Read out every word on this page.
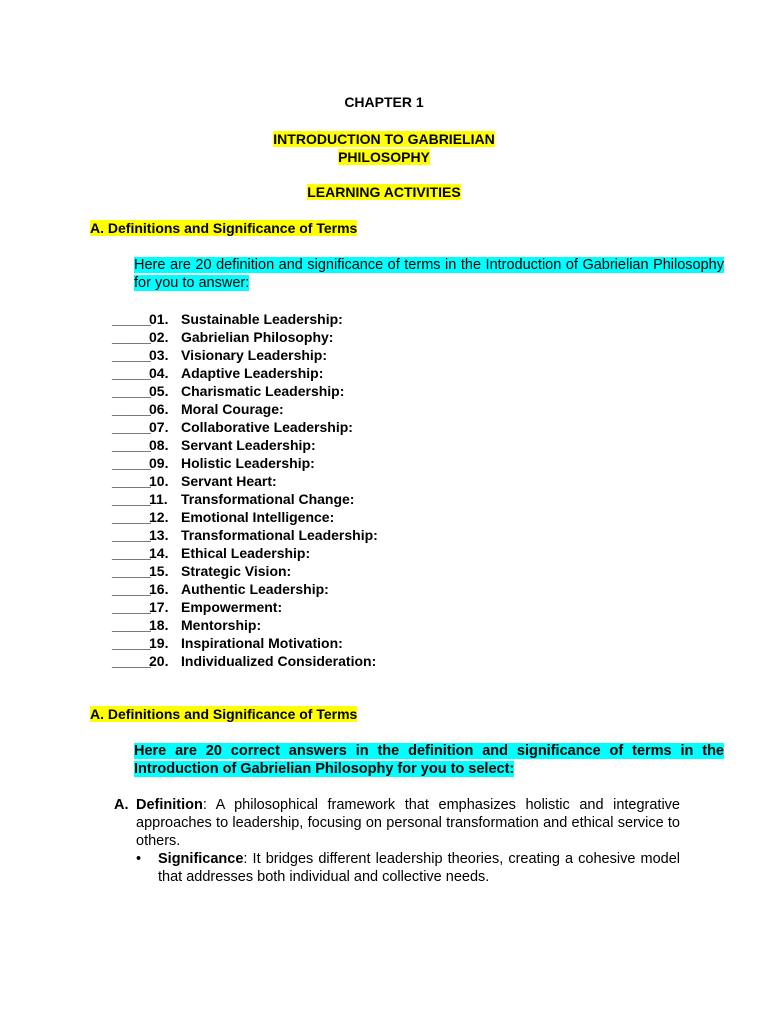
CHAPTER 1
INTRODUCTION TO GABRIELIAN
PHILOSOPHY
LEARNING ACTIVITIES
A. Definitions and Significance of Terms
Here are 20 definition and significance of terms in the Introduction of Gabrielian Philosophy for you to answer:
_____01. Sustainable Leadership:
_____02. Gabrielian Philosophy:
_____03. Visionary Leadership:
_____04. Adaptive Leadership:
_____05. Charismatic Leadership:
_____06. Moral Courage:
_____07. Collaborative Leadership:
_____08. Servant Leadership:
_____09. Holistic Leadership:
_____10. Servant Heart:
_____11. Transformational Change:
_____12. Emotional Intelligence:
_____13. Transformational Leadership:
_____14. Ethical Leadership:
_____15. Strategic Vision:
_____16. Authentic Leadership:
_____17. Empowerment:
_____18. Mentorship:
_____19. Inspirational Motivation:
_____20. Individualized Consideration:
A. Definitions and Significance of Terms
Here are 20 correct answers in the definition and significance of terms in the Introduction of Gabrielian Philosophy for you to select:
A. Definition: A philosophical framework that emphasizes holistic and integrative approaches to leadership, focusing on personal transformation and ethical service to others.
• Significance: It bridges different leadership theories, creating a cohesive model that addresses both individual and collective needs.
